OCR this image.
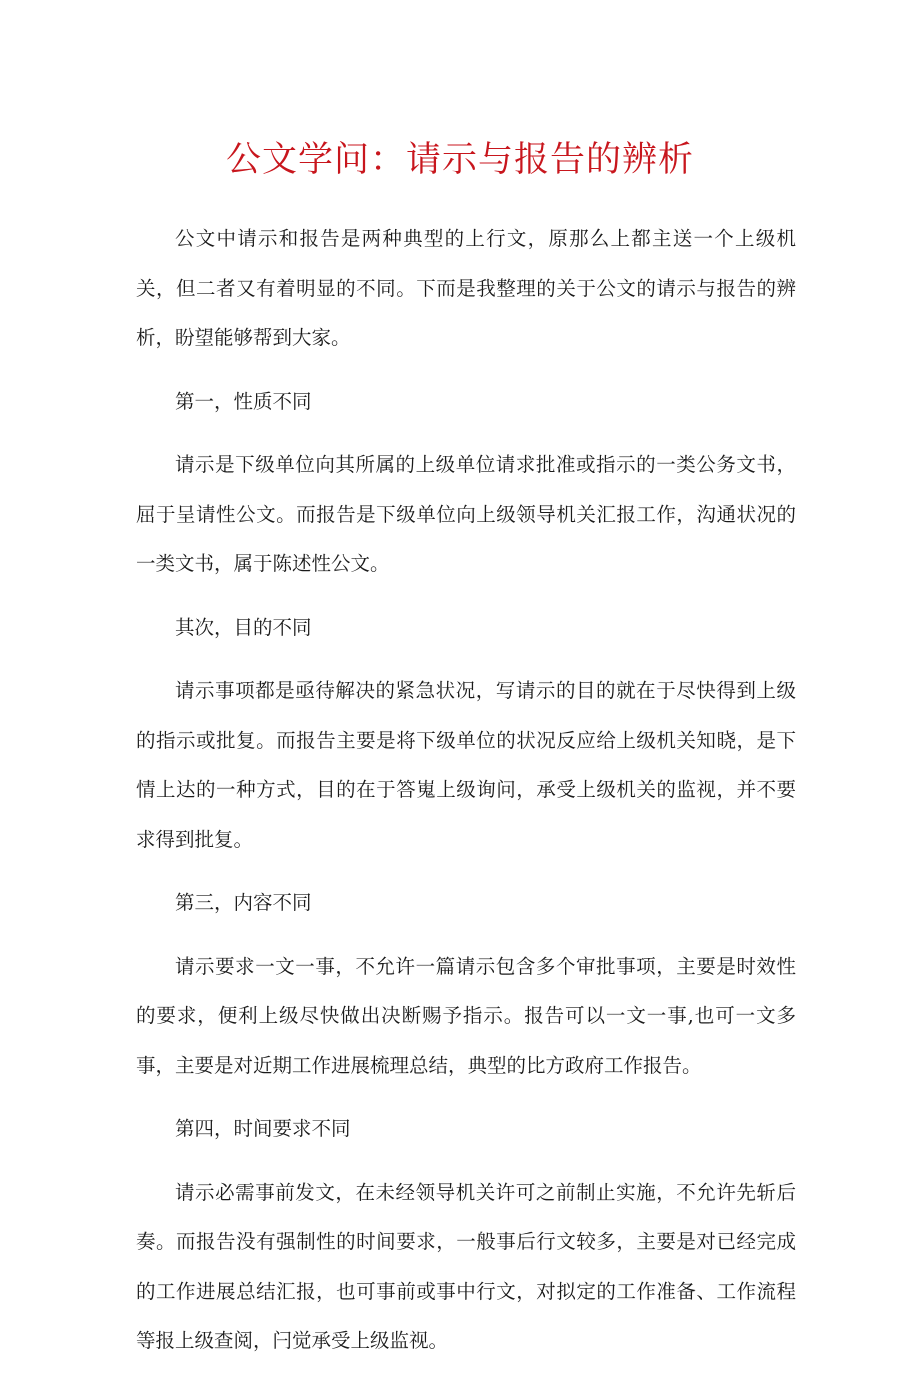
公文学问：请示与报告的辨析

公文中请示和报告是两种典型的上行文，原那么上都主送一个上级机关，但二者又有着明显的不同。下而是我整理的关于公文的请示与报告的辨析，盼望能够帮到大家。

第一，性质不同

请示是下级单位向其所属的上级单位请求批准或指示的一类公务文书，屈于呈请性公文。而报告是下级单位向上级领导机关汇报工作，沟通状况的一类文书，属于陈述性公文。

其次，目的不同

请示事项都是亟待解决的紧急状况，写请示的目的就在于尽快得到上级的指示或批复。而报告主要是将下级单位的状况反应给上级机关知晓，是下情上达的一种方式，目的在于答嵬上级询问，承受上级机关的监视，并不要求得到批复。

第三，内容不同

请示要求一文一事，不允许一篇请示包含多个审批事项，主要是时效性的要求，便利上级尽快做出决断赐予指示。报告可以一文一事,也可一文多事，主要是对近期工作进展梳理总结，典型的比方政府工作报告。

第四，时间要求不同

请示必需事前发文，在未经领导机关许可之前制止实施，不允许先斩后奏。而报告没有强制性的时间要求，一般事后行文较多，主要是对已经完成的工作进展总结汇报，也可事前或事中行文，对拟定的工作准备、工作流程等报上级查阅，闩觉承受上级监视。
